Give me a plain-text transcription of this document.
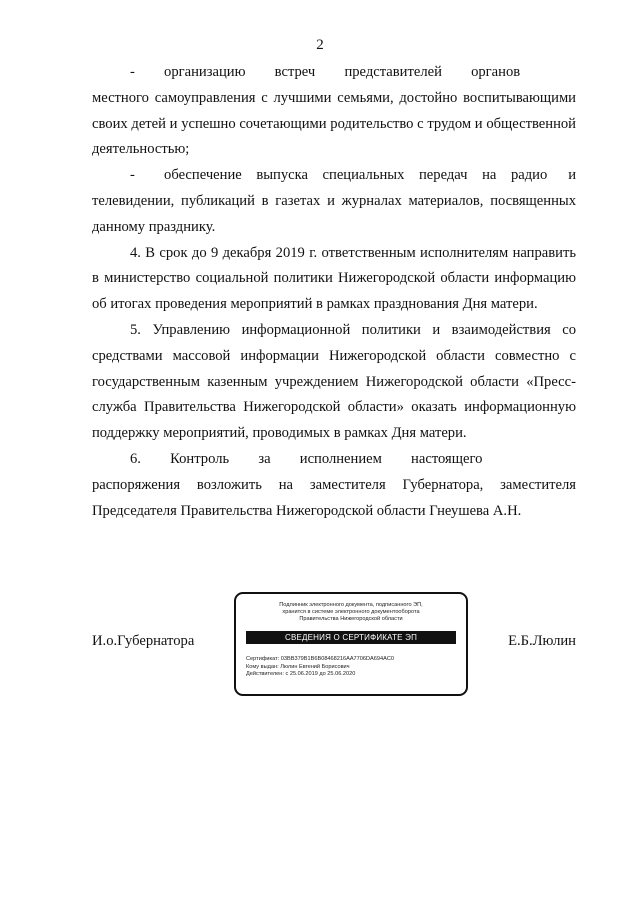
2

-  организацию  встреч  представителей  органов  местного самоуправления с лучшими семьями, достойно воспитывающими своих детей и успешно сочетающими родительство с трудом и общественной деятельностью;

-  обеспечение выпуска специальных передач на радио и телевидении, публикаций в газетах и журналах материалов, посвященных данному празднику.

4. В срок до 9 декабря 2019 г. ответственным исполнителям направить в министерство социальной политики Нижегородской области информацию об итогах проведения мероприятий в рамках празднования Дня матери.

5. Управлению информационной политики и взаимодействия со средствами массовой информации Нижегородской области совместно с государственным казенным учреждением Нижегородской области «Пресс-служба Правительства Нижегородской области» оказать информационную поддержку мероприятий, проводимых в рамках Дня матери.

6.  Контроль  за  исполнением  настоящего  распоряжения возложить на заместителя Губернатора, заместителя Председателя Правительства Нижегородской области Гнеушева А.Н.

И.о.Губернатора
Подлинник электронного документа, подписанного ЭП,
хранится в системе электронного документооборота
Правительства Нижегородской области
СВЕДЕНИЯ О СЕРТИФИКАТЕ ЭП
Сертификат: 03BB379B1B6B08468216AA7706DA694AC0
Кому выдан: Люлин Евгений Борисович
Действителен: с 25.06.2019 до 25.06.2020
Е.Б.Люлин
